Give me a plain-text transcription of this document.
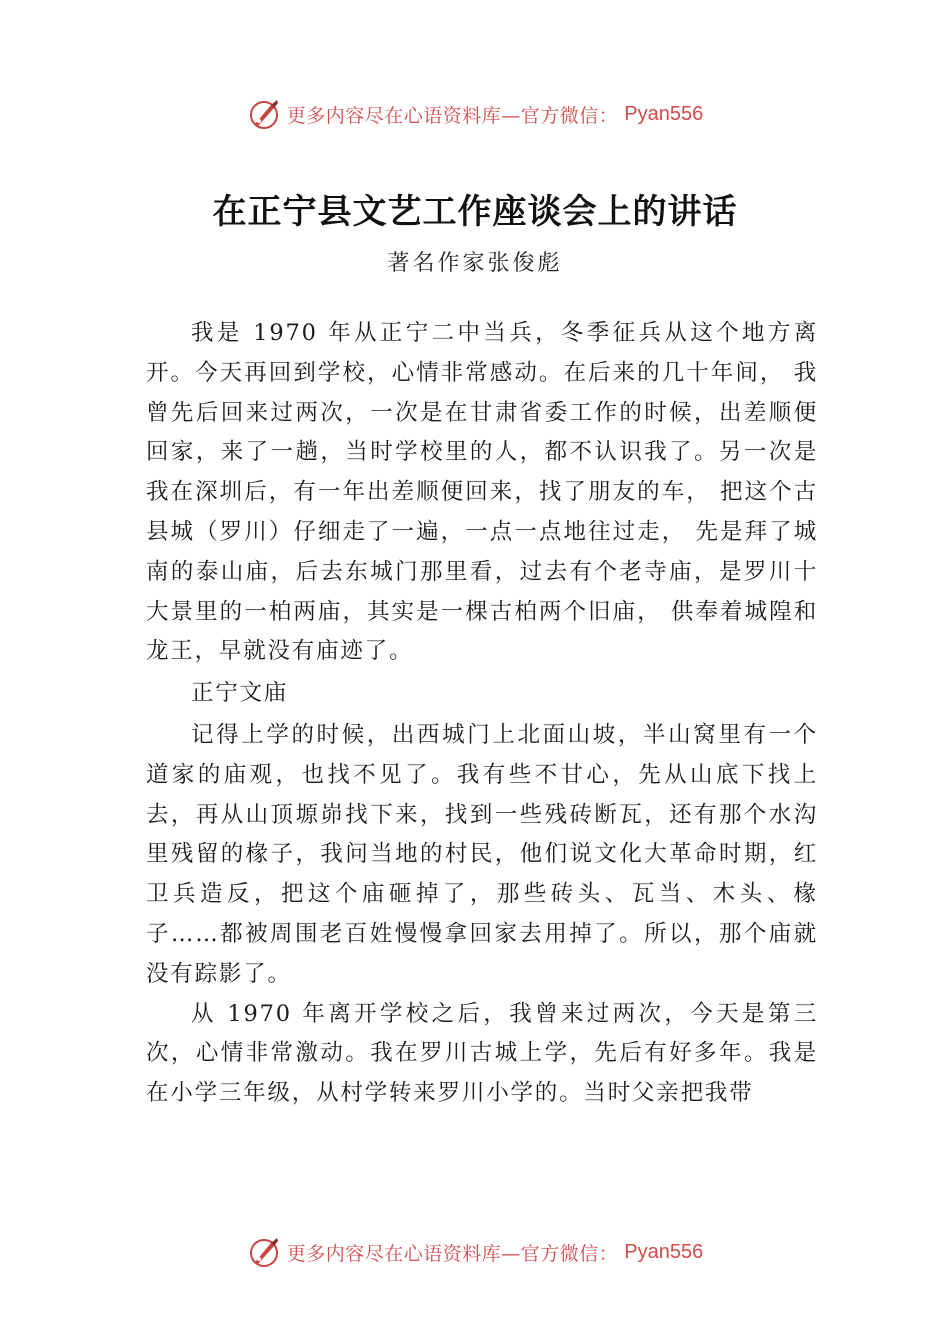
更多内容尽在心语资料库—官方微信： Pyan556
在正宁县文艺工作座谈会上的讲话
著名作家张俊彪

我是 1970 年从正宁二中当兵，冬季征兵从这个地方离开。今天再回到学校，心情非常感动。在后来的几十年间， 我曾先后回来过两次，一次是在甘肃省委工作的时候，出差顺便回家，来了一趟，当时学校里的人，都不认识我了。另一次是我在深圳后，有一年出差顺便回来，找了朋友的车， 把这个古县城（罗川）仔细走了一遍，一点一点地往过走， 先是拜了城南的泰山庙，后去东城门那里看，过去有个老寺庙，是罗川十大景里的一柏两庙，其实是一棵古柏两个旧庙， 供奉着城隍和龙王，早就没有庙迹了。

正宁文庙

记得上学的时候，出西城门上北面山坡，半山窝里有一个道家的庙观，也找不见了。我有些不甘心，先从山底下找上去，再从山顶塬峁找下来，找到一些残砖断瓦，还有那个水沟里残留的椽子，我问当地的村民，他们说文化大革命时期，红卫兵造反，把这个庙砸掉了，那些砖头、瓦当、木头、椽子……都被周围老百姓慢慢拿回家去用掉了。所以，那个庙就没有踪影了。

从 1970 年离开学校之后，我曾来过两次，今天是第三次，心情非常激动。我在罗川古城上学，先后有好多年。我是在小学三年级，从村学转来罗川小学的。当时父亲把我带

更多内容尽在心语资料库—官方微信： Pyan556
